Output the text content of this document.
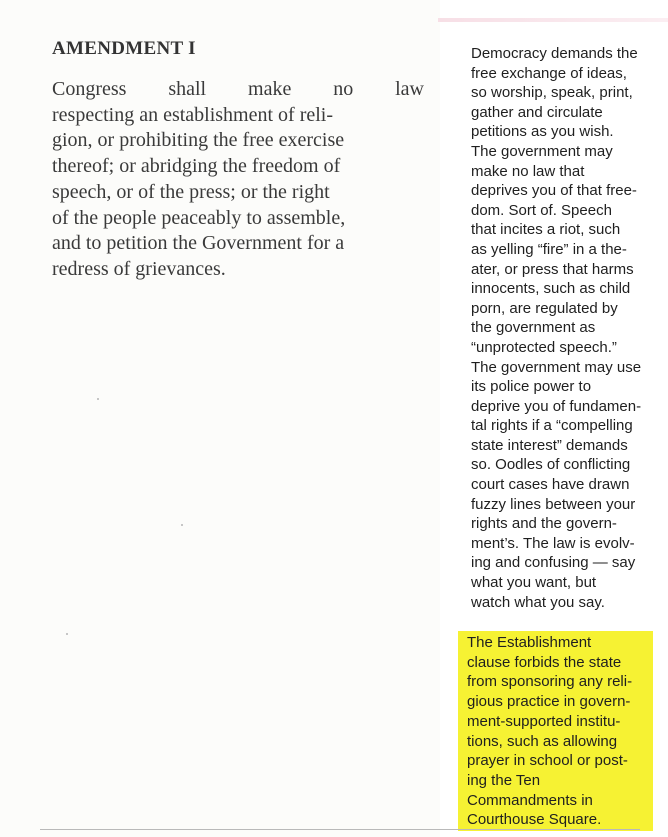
AMENDMENT I
Congress shall make no law
respecting an establishment of reli-
gion, or prohibiting the free exercise
thereof; or abridging the freedom of
speech, or of the press; or the right
of the people peaceably to assemble,
and to petition the Government for a
redress of grievances.
Democracy demands the
free exchange of ideas,
so worship, speak, print,
gather and circulate
petitions as you wish.
The government may
make no law that
deprives you of that free-
dom. Sort of. Speech
that incites a riot, such
as yelling “fire” in a the-
ater, or press that harms
innocents, such as child
porn, are regulated by
the government as
“unprotected speech.”
The government may use
its police power to
deprive you of fundamen-
tal rights if a “compelling
state interest” demands
so. Oodles of conflicting
court cases have drawn
fuzzy lines between your
rights and the govern-
ment’s. The law is evolv-
ing and confusing — say
what you want, but
watch what you say.
The Establishment
clause forbids the state
from sponsoring any reli-
gious practice in govern-
ment-supported institu-
tions, such as allowing
prayer in school or post-
ing the Ten
Commandments in
Courthouse Square.
